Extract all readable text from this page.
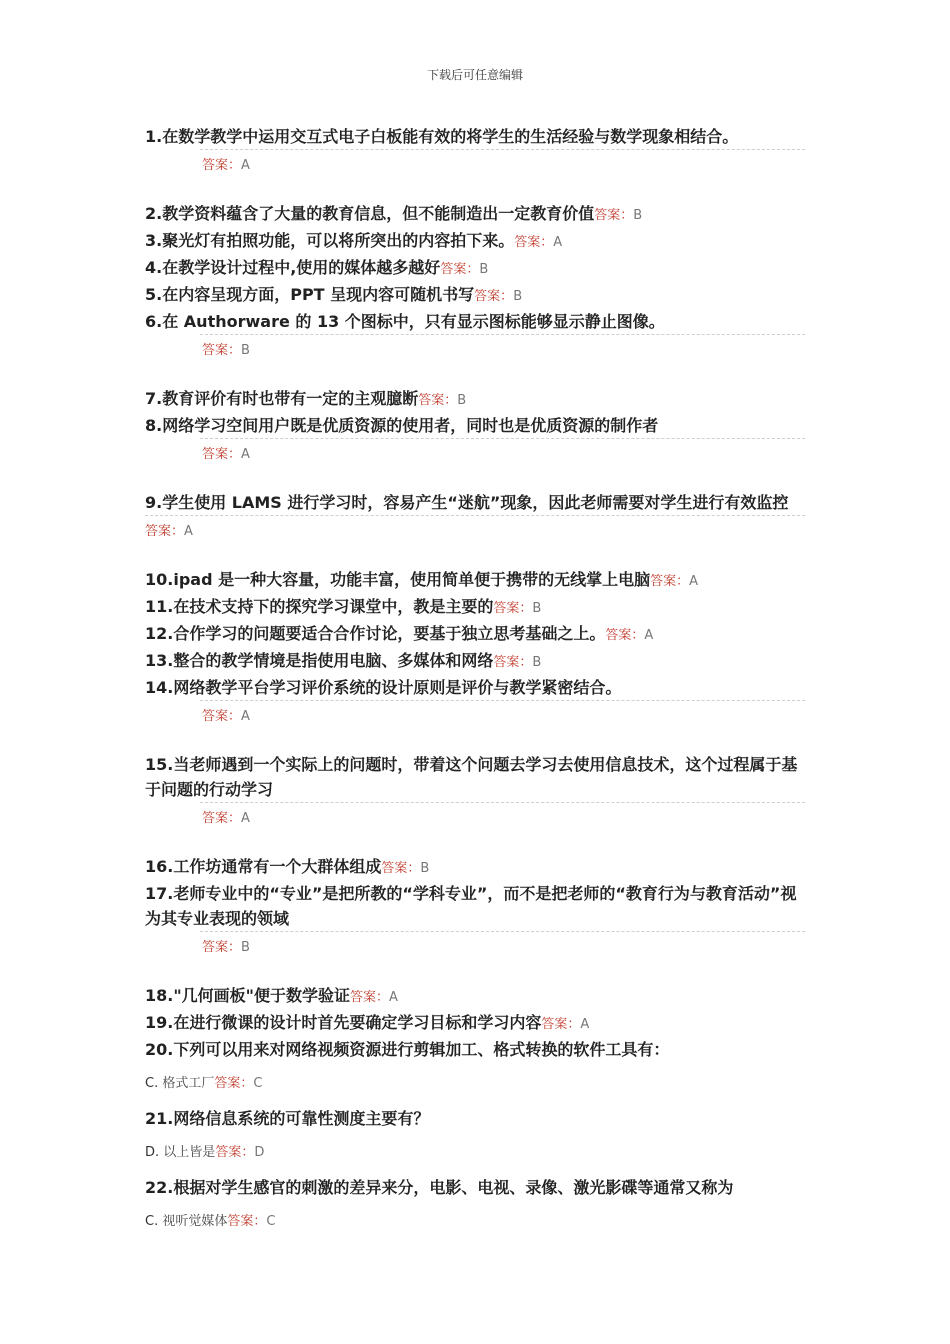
下载后可任意编辑
1.在数学教学中运用交互式电子白板能有效的将学生的生活经验与数学现象相结合。
答案：A
2.教学资料蕴含了大量的教育信息，但不能制造出一定教育价值答案：B
3.聚光灯有拍照功能，可以将所突出的内容拍下来。答案：A
4.在教学设计过程中,使用的媒体越多越好答案：B
5.在内容呈现方面，PPT 呈现内容可随机书写答案：B
6.在 Authorware 的 13 个图标中，只有显示图标能够显示静止图像。
答案：B
7.教育评价有时也带有一定的主观臆断答案：B
8.网络学习空间用户既是优质资源的使用者，同时也是优质资源的制作者
答案：A
9.学生使用 LAMS 进行学习时，容易产生“迷航”现象，因此老师需要对学生进行有效监控
答案：A
10.ipad 是一种大容量，功能丰富，使用简单便于携带的无线掌上电脑答案：A
11.在技术支持下的探究学习课堂中，教是主要的答案：B
12.合作学习的问题要适合合作讨论，要基于独立思考基础之上。答案：A
13.整合的教学情境是指使用电脑、多媒体和网络答案：B
14.网络教学平台学习评价系统的设计原则是评价与教学紧密结合。
答案：A
15.当老师遇到一个实际上的问题时，带着这个问题去学习去使用信息技术，这个过程属于基于问题的行动学习
答案：A
16.工作坊通常有一个大群体组成答案：B
17.老师专业中的“专业”是把所教的“学科专业”，而不是把老师的“教育行为与教育活动”视为其专业表现的领域
答案：B
18."几何画板"便于数学验证答案：A
19.在进行微课的设计时首先要确定学习目标和学习内容答案：A
20.下列可以用来对网络视频资源进行剪辑加工、格式转换的软件工具有：
C. 格式工厂答案：C
21.网络信息系统的可靠性测度主要有？
D. 以上皆是答案：D
22.根据对学生感官的刺激的差异来分，电影、电视、录像、激光影碟等通常又称为
C. 视听觉媒体答案：C
